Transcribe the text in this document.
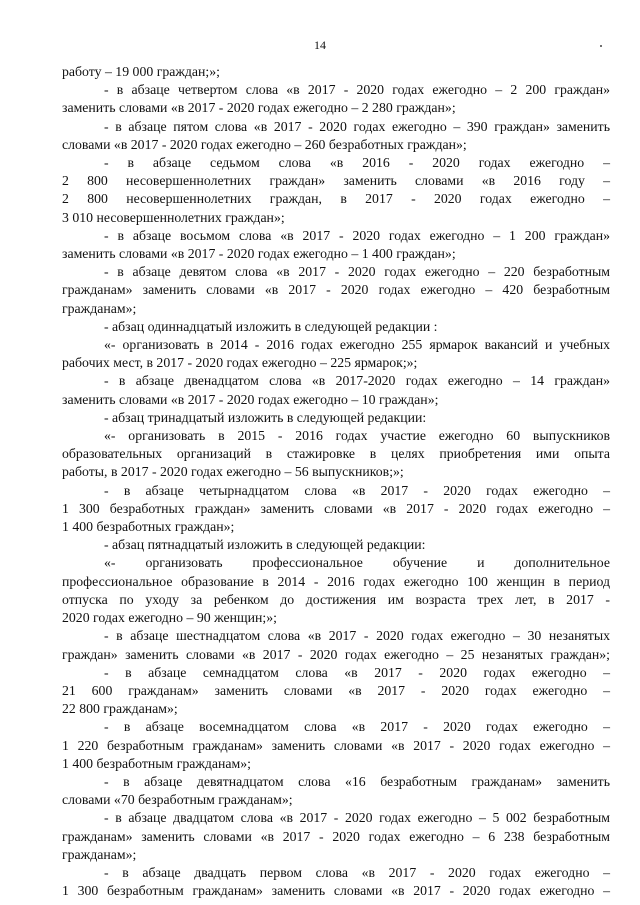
14
работу – 19 000 граждан;»;
- в абзаце четвертом слова «в 2017 - 2020 годах ежегодно – 2 200 граждан»
заменить словами «в 2017 - 2020 годах ежегодно – 2 280 граждан»;
- в абзаце пятом слова «в 2017 - 2020 годах ежегодно – 390 граждан» заменить
словами «в 2017 - 2020 годах ежегодно – 260 безработных граждан»;
- в абзаце седьмом слова «в 2016 - 2020 годах ежегодно –
2 800 несовершеннолетних граждан» заменить словами «в 2016 году –
2 800 несовершеннолетних граждан, в 2017 - 2020 годах ежегодно –
3 010 несовершеннолетних граждан»;
- в абзаце восьмом слова «в 2017 - 2020 годах ежегодно – 1 200 граждан»
заменить словами «в 2017 - 2020 годах ежегодно – 1 400 граждан»;
- в абзаце девятом слова «в 2017 - 2020 годах ежегодно – 220 безработным
гражданам» заменить словами «в 2017 - 2020 годах ежегодно – 420 безработным
гражданам»;
- абзац одиннадцатый изложить в следующей редакции :
«- организовать в 2014 - 2016 годах ежегодно 255 ярмарок вакансий и учебных
рабочих мест, в 2017 - 2020 годах ежегодно – 225 ярмарок;»;
- в абзаце двенадцатом слова «в 2017-2020 годах ежегодно – 14 граждан»
заменить словами «в 2017 - 2020 годах ежегодно – 10 граждан»;
- абзац тринадцатый изложить в следующей редакции:
«- организовать в 2015 - 2016 годах участие ежегодно 60 выпускников
образовательных организаций в стажировке в целях приобретения ими опыта
работы, в 2017 - 2020 годах ежегодно – 56 выпускников;»;
- в абзаце четырнадцатом слова «в 2017 - 2020 годах ежегодно –
1 300 безработных граждан» заменить словами «в 2017 - 2020 годах ежегодно –
1 400 безработных граждан»;
- абзац пятнадцатый изложить в следующей редакции:
«- организовать профессиональное обучение и дополнительное
профессиональное образование в 2014 - 2016 годах ежегодно 100 женщин в период
отпуска по уходу за ребенком до достижения им возраста трех лет, в 2017 -
2020 годах ежегодно – 90 женщин;»;
- в абзаце шестнадцатом слова «в 2017 - 2020 годах ежегодно – 30 незанятых
граждан» заменить словами «в 2017 - 2020 годах ежегодно – 25 незанятых граждан»;
- в абзаце семнадцатом слова «в 2017 - 2020 годах ежегодно –
21 600 гражданам» заменить словами «в 2017 - 2020 годах ежегодно –
22 800 гражданам»;
- в абзаце восемнадцатом слова «в 2017 - 2020 годах ежегодно –
1 220 безработным гражданам» заменить словами «в 2017 - 2020 годах ежегодно –
1 400 безработным гражданам»;
- в абзаце девятнадцатом слова «16 безработным гражданам» заменить
словами «70 безработным гражданам»;
- в абзаце двадцатом слова «в 2017 - 2020 годах ежегодно – 5 002 безработным
гражданам» заменить словами «в 2017 - 2020 годах ежегодно – 6 238 безработным
гражданам»;
- в абзаце двадцать первом слова «в 2017 - 2020 годах ежегодно –
1 300 безработным гражданам» заменить словами «в 2017 - 2020 годах ежегодно –
